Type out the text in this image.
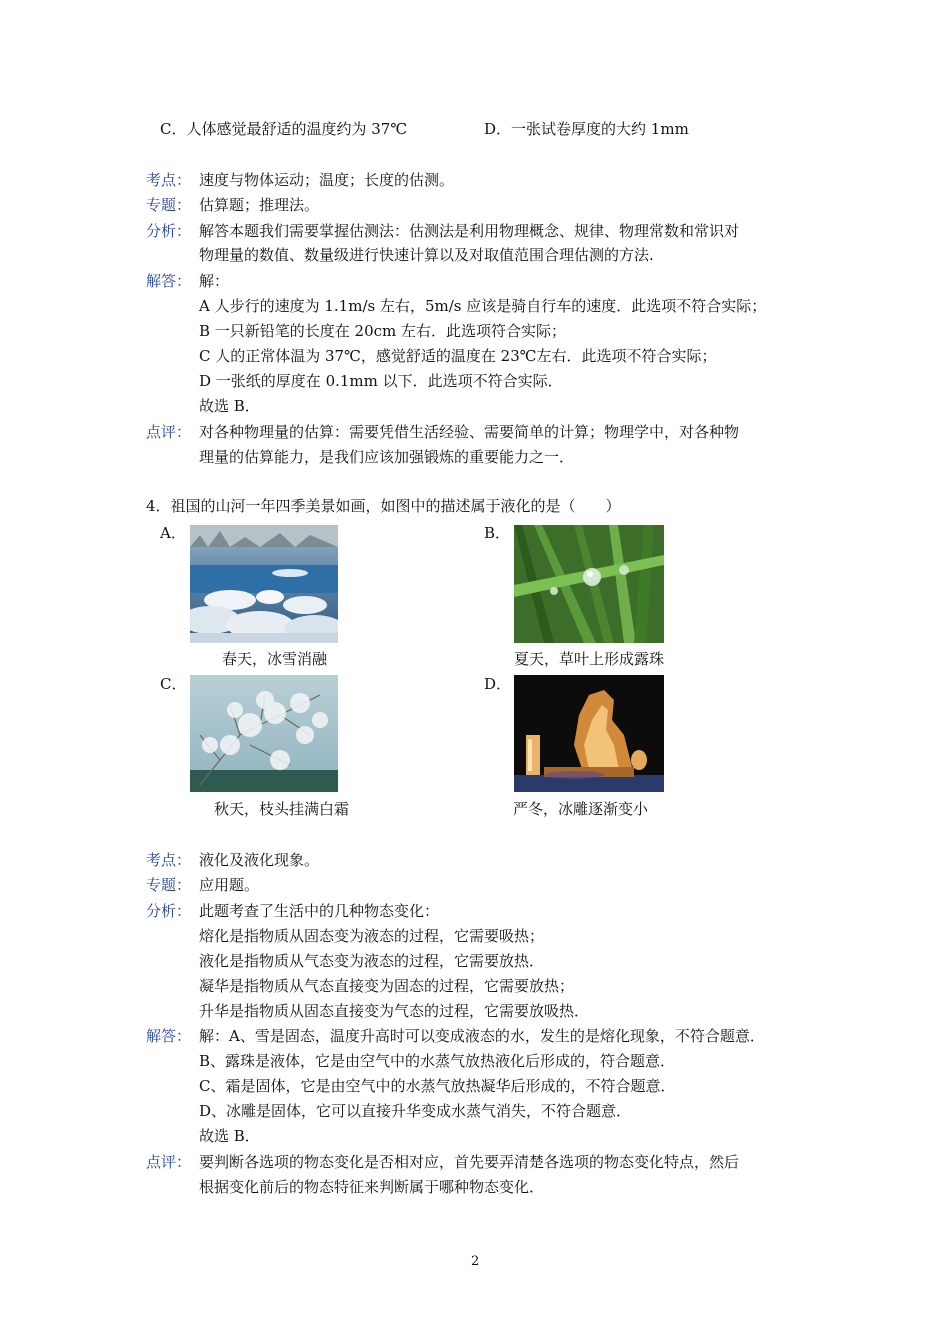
C．人体感觉最舒适的温度约为 37℃	D．一张试卷厚度的大约 1mm
考点： 速度与物体运动；温度；长度的估测。
专题： 估算题；推理法。
分析： 解答本题我们需要掌握估测法：估测法是利用物理概念、规律、物理常数和常识对
物理量的数值、数量级进行快速计算以及对取值范围合理估测的方法.
解答： 解：
A 人步行的速度为 1.1m/s 左右，5m/s 应该是骑自行车的速度．此选项不符合实际；
B 一只新铅笔的长度在 20cm 左右．此选项符合实际；
C 人的正常体温为 37℃，感觉舒适的温度在 23℃左右．此选项不符合实际；
D 一张纸的厚度在 0.1mm 以下．此选项不符合实际．
故选 B．
点评： 对各种物理量的估算：需要凭借生活经验、需要简单的计算；物理学中，对各种物
理量的估算能力，是我们应该加强锻炼的重要能力之一．
4．祖国的山河一年四季美景如画，如图中的描述属于液化的是（　　）
A．	B．
C．	D．
春天，冰雪消融	夏天，草叶上形成露珠
秋天，枝头挂满白霜	严冬，冰雕逐渐变小
考点： 液化及液化现象。
专题： 应用题。
分析： 此题考查了生活中的几种物态变化：
熔化是指物质从固态变为液态的过程，它需要吸热；
液化是指物质从气态变为液态的过程，它需要放热．
凝华是指物质从气态直接变为固态的过程，它需要放热；
升华是指物质从固态直接变为气态的过程，它需要放吸热．
解答： 解：A、雪是固态，温度升高时可以变成液态的水，发生的是熔化现象，不符合题意．
B、露珠是液体，它是由空气中的水蒸气放热液化后形成的，符合题意．
C、霜是固体，它是由空气中的水蒸气放热凝华后形成的，不符合题意．
D、冰雕是固体，它可以直接升华变成水蒸气消失，不符合题意．
故选 B．
点评： 要判断各选项的物态变化是否相对应，首先要弄清楚各选项的物态变化特点，然后
根据变化前后的物态特征来判断属于哪种物态变化．
2
